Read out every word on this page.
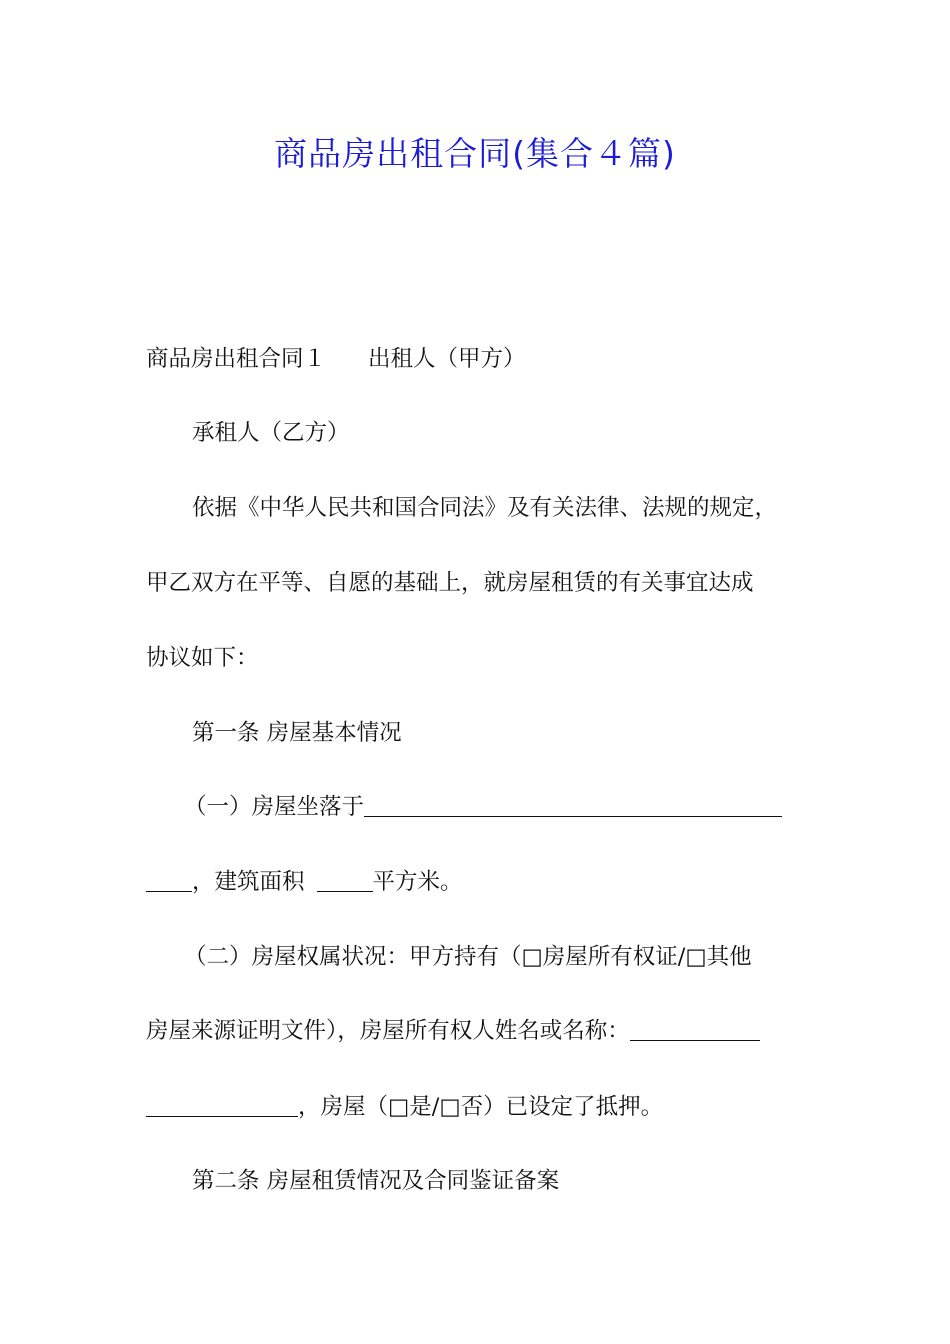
商品房出租合同(集合４篇)
商品房出租合同１ 出租人（甲方）
承租人（乙方）
依据《中华人民共和国合同法》及有关法律、法规的规定，
甲乙双方在平等、自愿的基础上，就房屋租赁的有关事宜达成
协议如下：
第一条 房屋基本情况
（一）房屋坐落于
，建筑面积	平方米。
（二）房屋权属状况：甲方持有（□房屋所有权证/□其他
房屋来源证明文件），房屋所有权人姓名或名称：
，房屋（□是/□否）已设定了抵押。
第二条 房屋租赁情况及合同鉴证备案
